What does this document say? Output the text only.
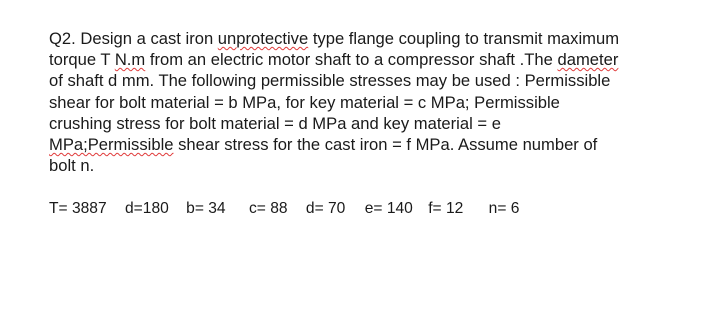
Q2. Design a cast iron unprotective type flange coupling to transmit maximum
torque T N.m from an electric motor shaft to a compressor shaft .The dameter
of shaft d mm. The following permissible stresses may be used : Permissible
shear for bolt material = b MPa, for key material = c MPa; Permissible
crushing stress for bolt material = d MPa and key material = e
MPa;Permissible shear stress for the cast iron = f MPa. Assume number of
bolt n.

T= 3887 d=180 b= 34 c= 88 d= 70 e= 140 f= 12 n= 6
